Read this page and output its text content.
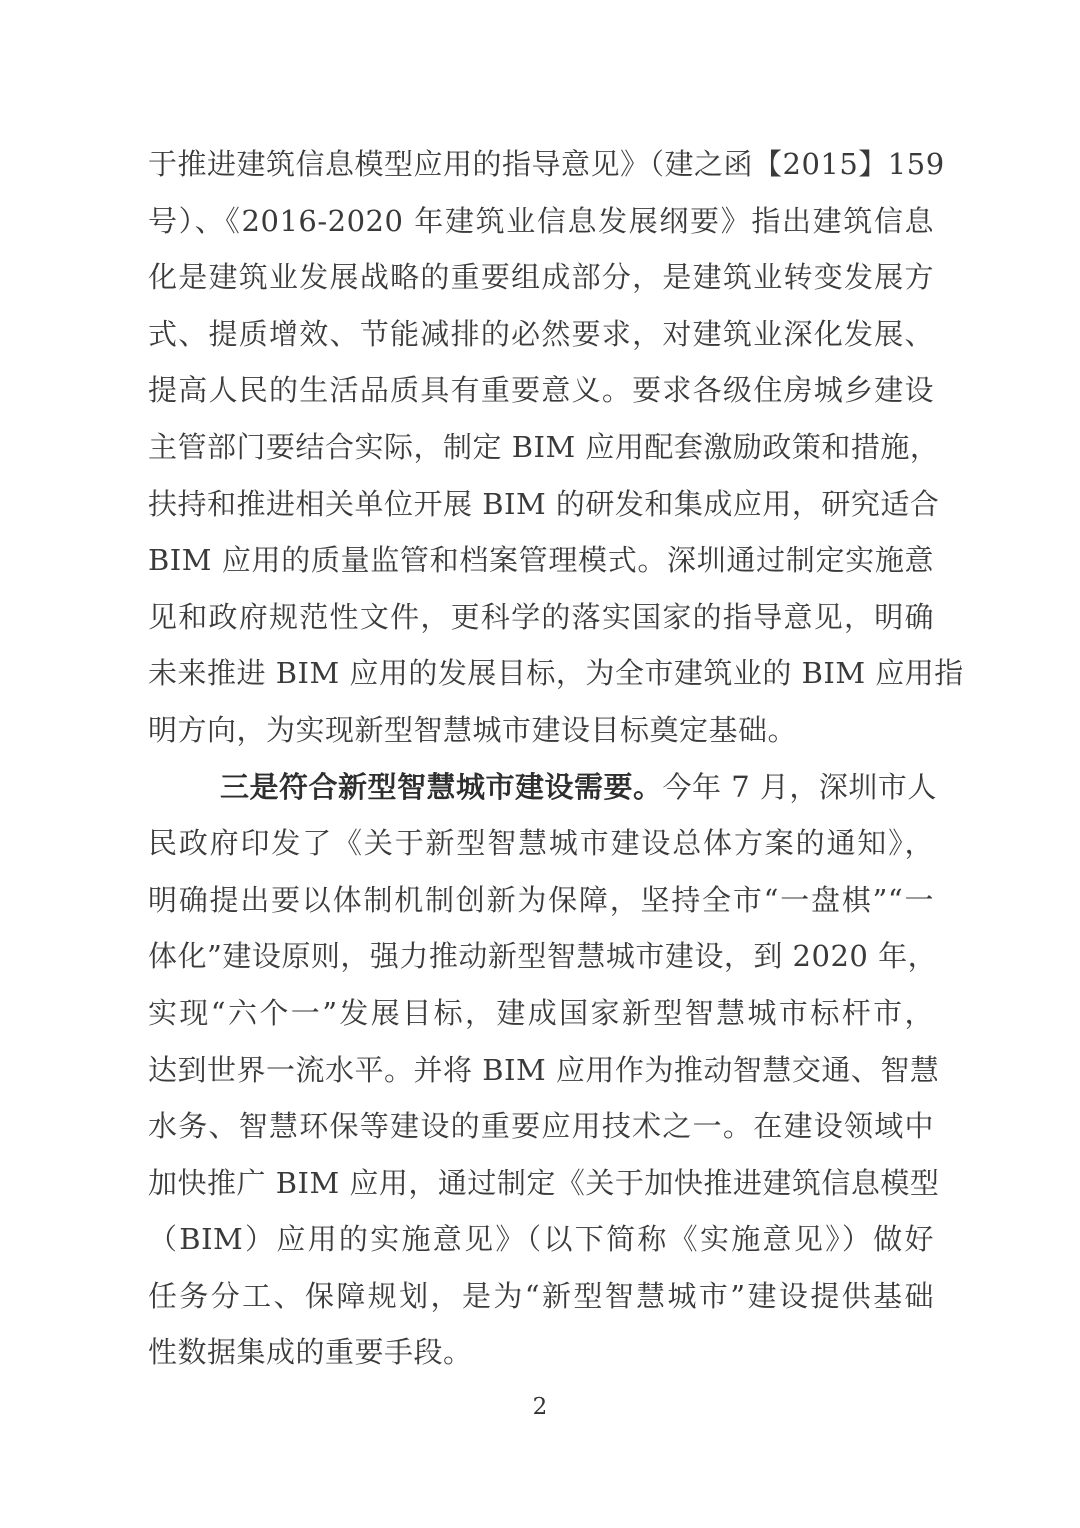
于推进建筑信息模型应用的指导意见》（建之函【2015】159
号）、《2016-2020 年建筑业信息发展纲要》指出建筑信息
化是建筑业发展战略的重要组成部分，是建筑业转变发展方
式、提质增效、节能减排的必然要求，对建筑业深化发展、
提高人民的生活品质具有重要意义。要求各级住房城乡建设
主管部门要结合实际，制定 BIM 应用配套激励政策和措施，
扶持和推进相关单位开展 BIM 的研发和集成应用，研究适合
BIM 应用的质量监管和档案管理模式。深圳通过制定实施意
见和政府规范性文件，更科学的落实国家的指导意见，明确
未来推进 BIM 应用的发展目标，为全市建筑业的 BIM 应用指
明方向，为实现新型智慧城市建设目标奠定基础。
三是符合新型智慧城市建设需要。今年 7 月，深圳市人
民政府印发了《关于新型智慧城市建设总体方案的通知》，
明确提出要以体制机制创新为保障，坚持全市“一盘棋”“一
体化”建设原则，强力推动新型智慧城市建设，到 2020 年，
实现“六个一”发展目标，建成国家新型智慧城市标杆市，
达到世界一流水平。并将 BIM 应用作为推动智慧交通、智慧
水务、智慧环保等建设的重要应用技术之一。在建设领域中
加快推广 BIM 应用，通过制定《关于加快推进建筑信息模型
（BIM）应用的实施意见》（以下简称《实施意见》）做好
任务分工、保障规划，是为“新型智慧城市”建设提供基础
性数据集成的重要手段。
2
